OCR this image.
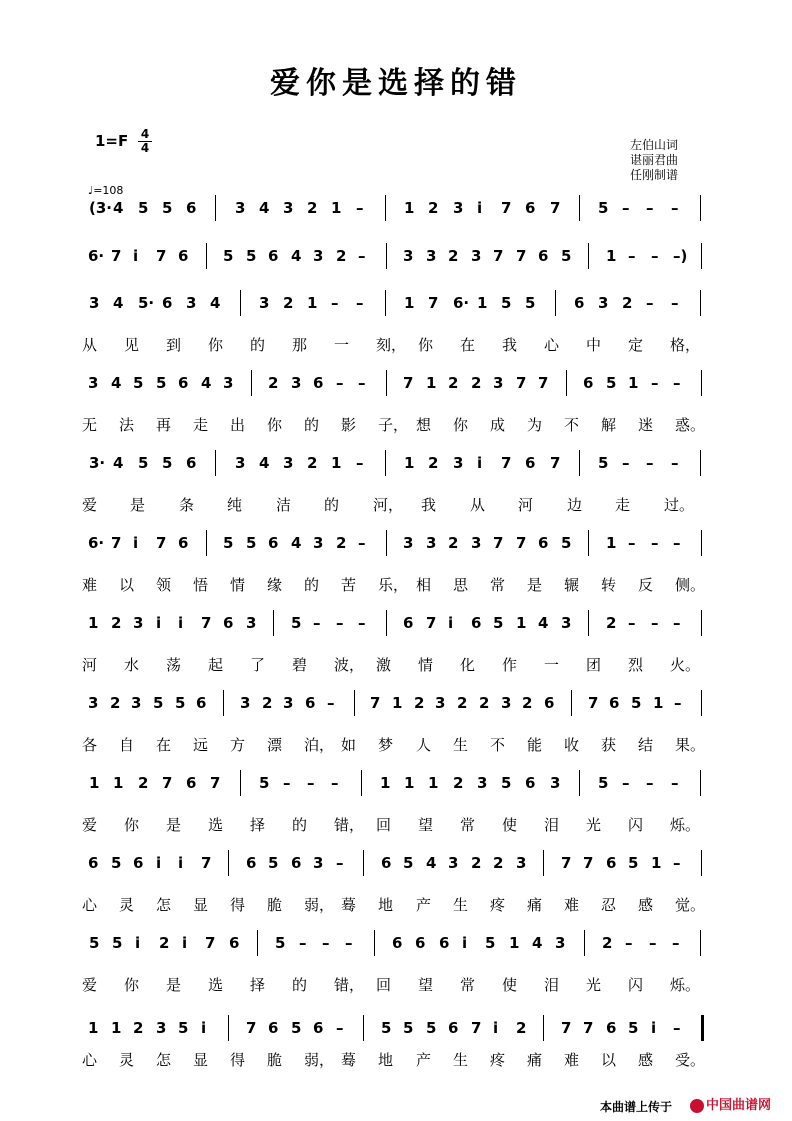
爱你是选择的错
1=F 4
4	左伯山词
谌丽君曲
任刚制谱
♩=108
(3· 4 5 5 6	3 4 3 2 1 –	1 2 3 i 7 6 7	5 – – –
6· 7 i 7 6 5 5 6 4 3 2 –	3 3 2 3 7 7 6 5 1 – – –)
3 4 5· 6 3 4	3 2 1 – –	1 7 6· 1 5 5	6 3 2 – –
从 见 到 你 的 那 一 刻， 你 在 我 心 中 定 格，
3 4 5 5 6 4 3 2 3 6 – –	7 1 2 2 3 7 7 6 5 1 – –
无 法 再 走 出 你 的 影 子， 想 你 成 为 不 解 迷 惑。
3· 4 5 5 6	3 4 3 2 1 –	1 2 3 i 7 6 7	5 – – –
爱 是 条 纯 洁 的 河， 我 从 河 边 走 过。
6· 7 i 7 6 5 5 6 4 3 2 –	3 3 2 3 7 7 6 5 1 – – –
难 以 领 悟 情 缘 的 苦 乐， 相 思 常 是 辗 转 反 侧。
1 2 3 i i 7 6 3 5 – – –	6 7 i 6 5 1 4 3 2 – – –
河 水 荡 起 了 碧 波， 激 情 化 作 一 团 烈 火。
3 2 3 5 5 6 3 2 3 6 – 7 1 2 3 2 2 3 2 6 7 6 5 1 –
各 自 在 远 方 漂 泊， 如 梦 人 生 不 能 收 获 结 果。
1 1 2 7 6 7	5 – – –	1 1 1 2 3 5 6 3	5 – – –
爱 你 是 选 择 的 错， 回 望 常 使 泪 光 闪 烁。
6 5 6 i i 7 6 5 6 3 –	6 5 4 3 2 2 3 7 7 6 5 1 –
心 灵 怎 显 得 脆 弱， 蓦 地 产 生 疼 痛 难 忍 感 觉。
5 5 i 2 i 7 6 5 – – –	6 6 6 i 5 1 4 3 2 – – –
爱 你 是 选 择 的 错， 回 望 常 使 泪 光 闪 烁。
1 1 2 3 5 i	7 6 5 6 –	5 5 5 6 7 i 2 7 7 6 5 i –
心 灵 怎 显 得 脆 弱， 蓦 地 产 生 疼 痛 难 以 感 受。
本曲谱上传于	中国曲谱网
